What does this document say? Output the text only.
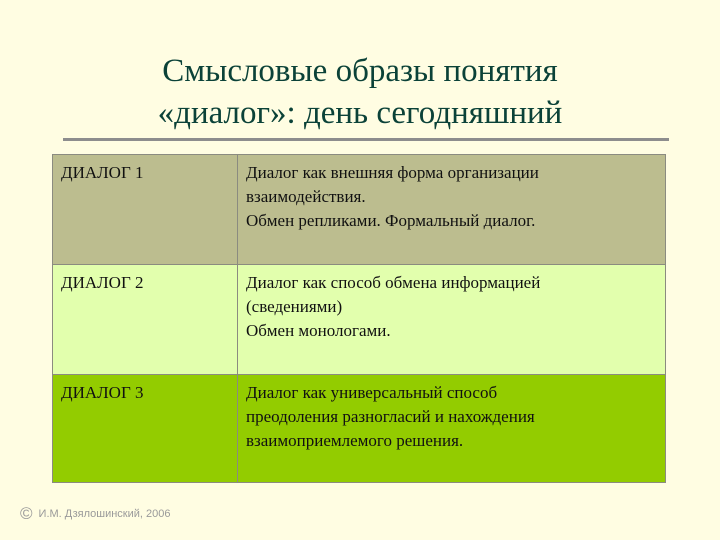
Смысловые образы понятия
«диалог»: день сегодняшний
ДИАЛОГ 1	Диалог как внешняя форма организации
взаимодействия.
Обмен репликами. Формальный диалог.

ДИАЛОГ 2	Диалог как способ обмена информацией
(сведениями)
Обмен монологами.

ДИАЛОГ 3	Диалог как универсальный способ
преодоления разногласий и нахождения
взаимоприемлемого решения.
© И.М. Дзялошинский, 2006
